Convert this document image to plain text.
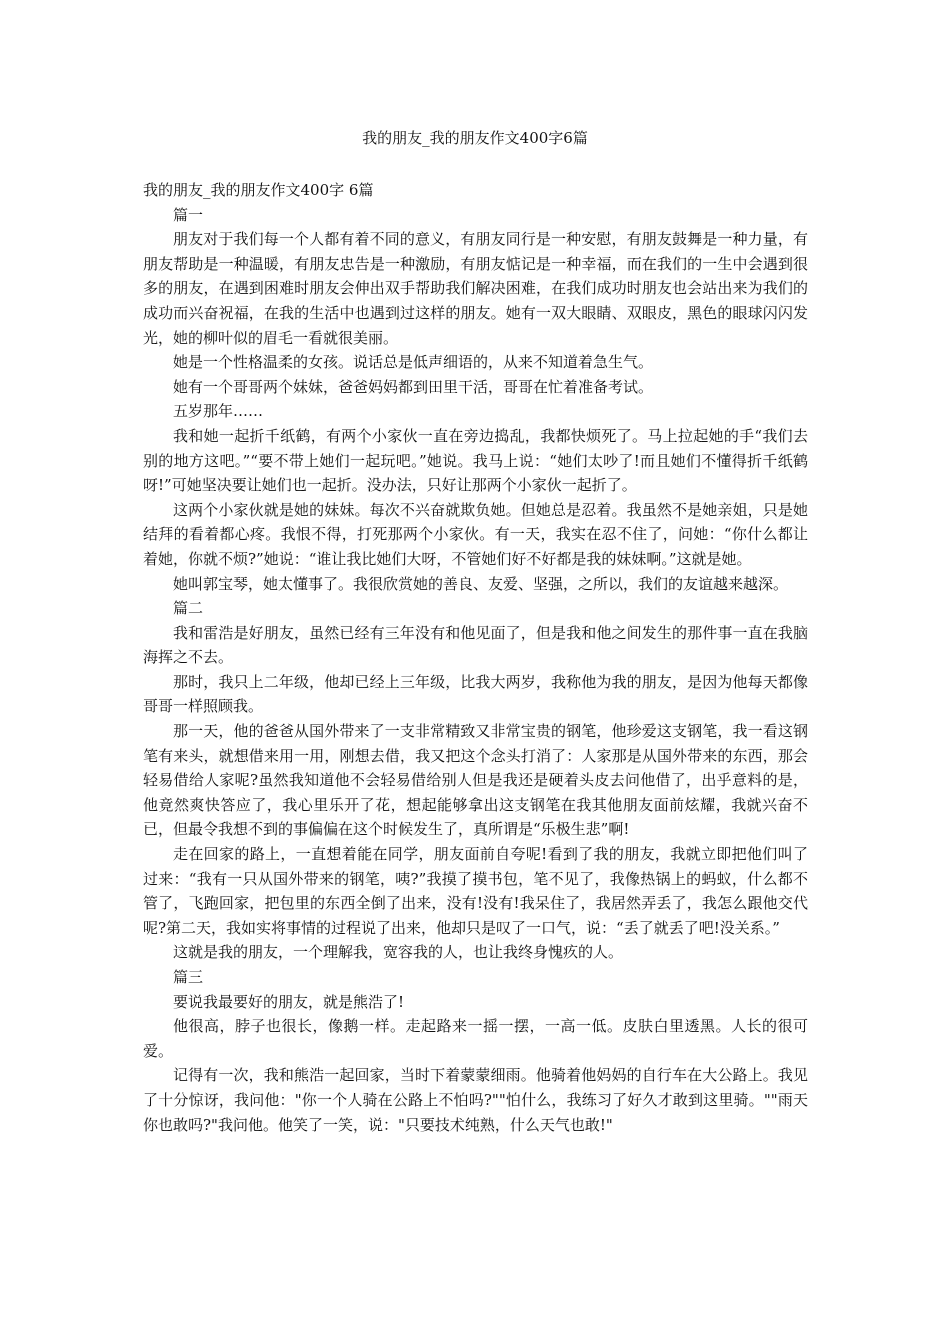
我的朋友_我的朋友作文400字6篇

我的朋友_我的朋友作文400字 6篇

篇一

朋友对于我们每一个人都有着不同的意义，有朋友同行是一种安慰，有朋友鼓舞是一种力量，有朋友帮助是一种温暖，有朋友忠告是一种激励，有朋友惦记是一种幸福，而在我们的一生中会遇到很多的朋友，在遇到困难时朋友会伸出双手帮助我们解决困难，在我们成功时朋友也会站出来为我们的成功而兴奋祝福，在我的生活中也遇到过这样的朋友。她有一双大眼睛、双眼皮，黑色的眼球闪闪发光，她的柳叶似的眉毛一看就很美丽。

她是一个性格温柔的女孩。说话总是低声细语的，从来不知道着急生气。

她有一个哥哥两个妹妹，爸爸妈妈都到田里干活，哥哥在忙着准备考试。

五岁那年……

我和她一起折千纸鹤，有两个小家伙一直在旁边捣乱，我都快烦死了。马上拉起她的手“我们去别的地方这吧。”“要不带上她们一起玩吧。”她说。我马上说：“她们太吵了!而且她们不懂得折千纸鹤呀!”可她坚决要让她们也一起折。没办法，只好让那两个小家伙一起折了。

这两个小家伙就是她的妹妹。每次不兴奋就欺负她。但她总是忍着。我虽然不是她亲姐，只是她结拜的看着都心疼。我恨不得，打死那两个小家伙。有一天，我实在忍不住了，问她：“你什么都让着她，你就不烦?”她说：“谁让我比她们大呀，不管她们好不好都是我的妹妹啊。”这就是她。

她叫郭宝琴，她太懂事了。我很欣赏她的善良、友爱、坚强，之所以，我们的友谊越来越深。

篇二

我和雷浩是好朋友，虽然已经有三年没有和他见面了，但是我和他之间发生的那件事一直在我脑海挥之不去。

那时，我只上二年级，他却已经上三年级，比我大两岁，我称他为我的朋友，是因为他每天都像哥哥一样照顾我。

那一天，他的爸爸从国外带来了一支非常精致又非常宝贵的钢笔，他珍爱这支钢笔，我一看这钢笔有来头，就想借来用一用，刚想去借，我又把这个念头打消了：人家那是从国外带来的东西，那会轻易借给人家呢?虽然我知道他不会轻易借给别人但是我还是硬着头皮去问他借了，出乎意料的是，他竟然爽快答应了，我心里乐开了花，想起能够拿出这支钢笔在我其他朋友面前炫耀，我就兴奋不已，但最令我想不到的事偏偏在这个时候发生了，真所谓是“乐极生悲”啊!

走在回家的路上，一直想着能在同学，朋友面前自夸呢!看到了我的朋友，我就立即把他们叫了过来：“我有一只从国外带来的钢笔，咦?”我摸了摸书包，笔不见了，我像热锅上的蚂蚁，什么都不管了，飞跑回家，把包里的东西全倒了出来，没有!没有!我呆住了，我居然弄丢了，我怎么跟他交代呢?第二天，我如实将事情的过程说了出来，他却只是叹了一口气，说：“丢了就丢了吧!没关系。”

这就是我的朋友，一个理解我，宽容我的人，也让我终身愧疚的人。

篇三

要说我最要好的朋友，就是熊浩了!

他很高，脖子也很长，像鹅一样。走起路来一摇一摆，一高一低。皮肤白里透黑。人长的很可爱。

记得有一次，我和熊浩一起回家，当时下着蒙蒙细雨。他骑着他妈妈的自行车在大公路上。我见了十分惊讶，我问他："你一个人骑在公路上不怕吗?""怕什么，我练习了好久才敢到这里骑。""雨天你也敢吗?"我问他。他笑了一笑，说："只要技术纯熟，什么天气也敢!"
